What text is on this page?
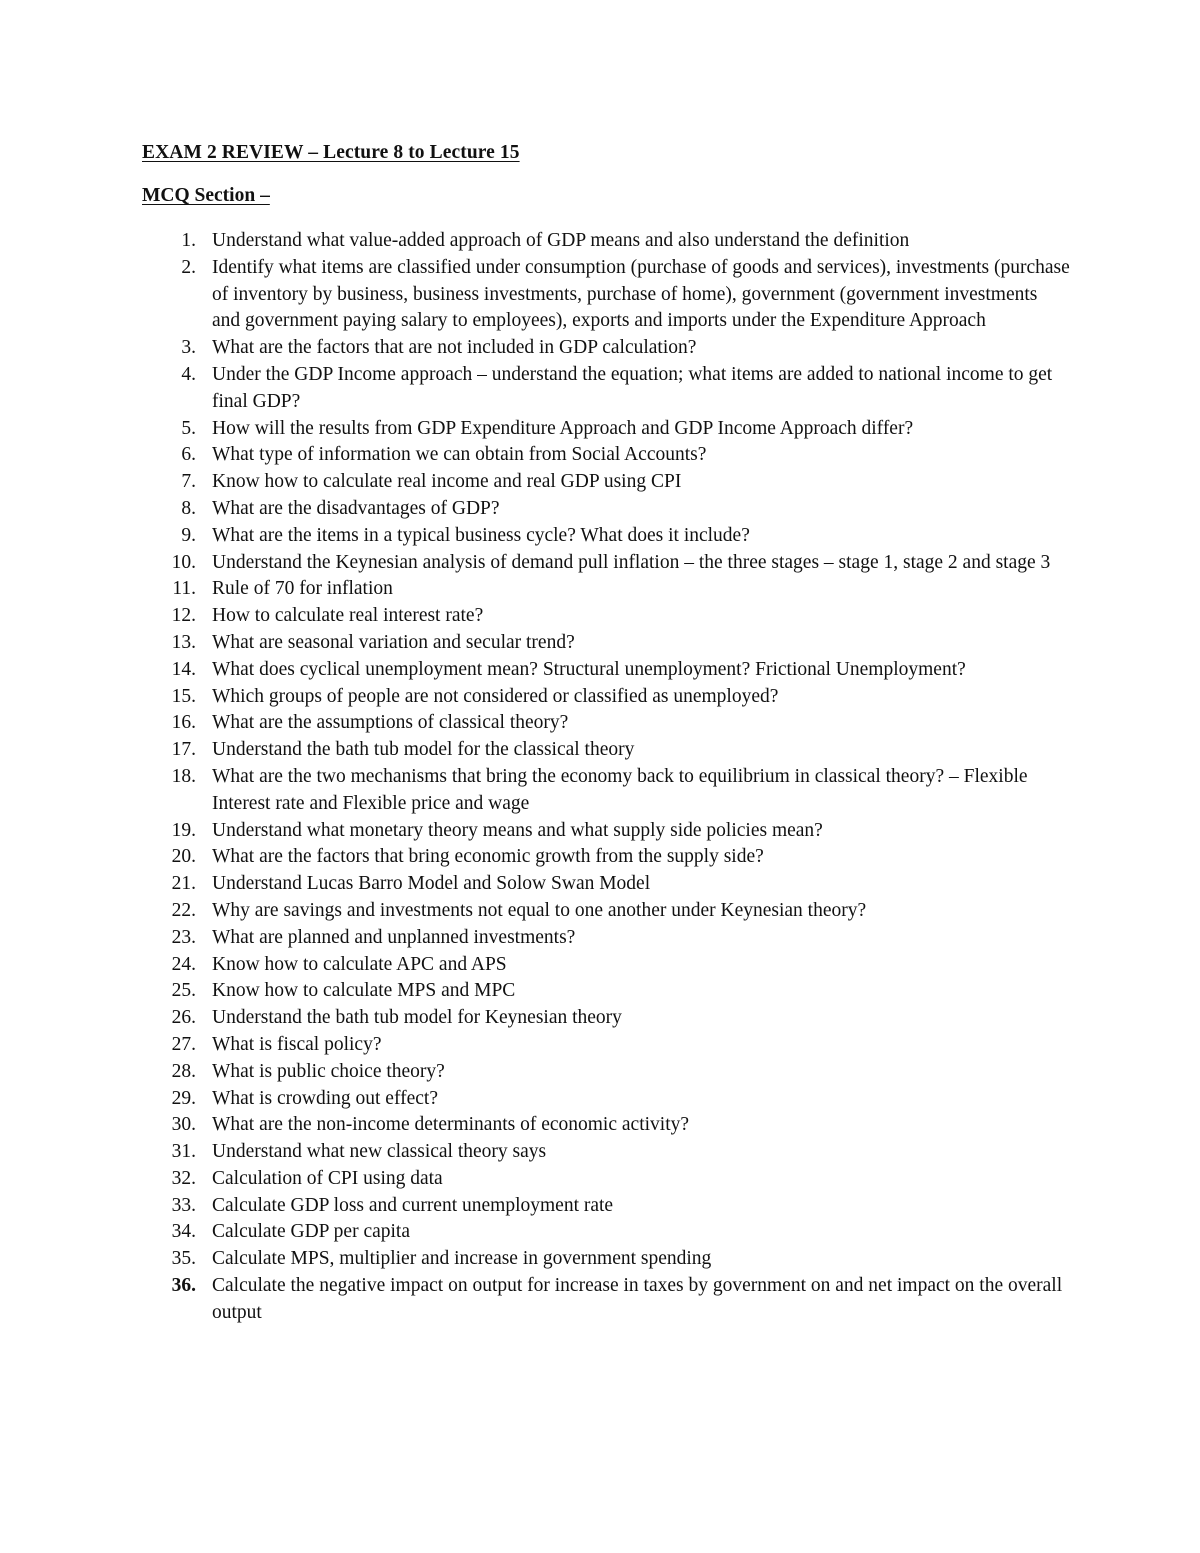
EXAM 2 REVIEW – Lecture 8 to Lecture 15

MCQ Section –

1. Understand what value-added approach of GDP means and also understand the definition
2. Identify what items are classified under consumption (purchase of goods and services), investments (purchase of inventory by business, business investments, purchase of home), government (government investments and government paying salary to employees), exports and imports under the Expenditure Approach
3. What are the factors that are not included in GDP calculation?
4. Under the GDP Income approach – understand the equation; what items are added to national income to get final GDP?
5. How will the results from GDP Expenditure Approach and GDP Income Approach differ?
6. What type of information we can obtain from Social Accounts?
7. Know how to calculate real income and real GDP using CPI
8. What are the disadvantages of GDP?
9. What are the items in a typical business cycle? What does it include?
10. Understand the Keynesian analysis of demand pull inflation – the three stages – stage 1, stage 2 and stage 3
11. Rule of 70 for inflation
12. How to calculate real interest rate?
13. What are seasonal variation and secular trend?
14. What does cyclical unemployment mean? Structural unemployment? Frictional Unemployment?
15. Which groups of people are not considered or classified as unemployed?
16. What are the assumptions of classical theory?
17. Understand the bath tub model for the classical theory
18. What are the two mechanisms that bring the economy back to equilibrium in classical theory? – Flexible Interest rate and Flexible price and wage
19. Understand what monetary theory means and what supply side policies mean?
20. What are the factors that bring economic growth from the supply side?
21. Understand Lucas Barro Model and Solow Swan Model
22. Why are savings and investments not equal to one another under Keynesian theory?
23. What are planned and unplanned investments?
24. Know how to calculate APC and APS
25. Know how to calculate MPS and MPC
26. Understand the bath tub model for Keynesian theory
27. What is fiscal policy?
28. What is public choice theory?
29. What is crowding out effect?
30. What are the non-income determinants of economic activity?
31. Understand what new classical theory says
32. Calculation of CPI using data
33. Calculate GDP loss and current unemployment rate
34. Calculate GDP per capita
35. Calculate MPS, multiplier and increase in government spending
36. Calculate the negative impact on output for increase in taxes by government on and net impact on the overall output
